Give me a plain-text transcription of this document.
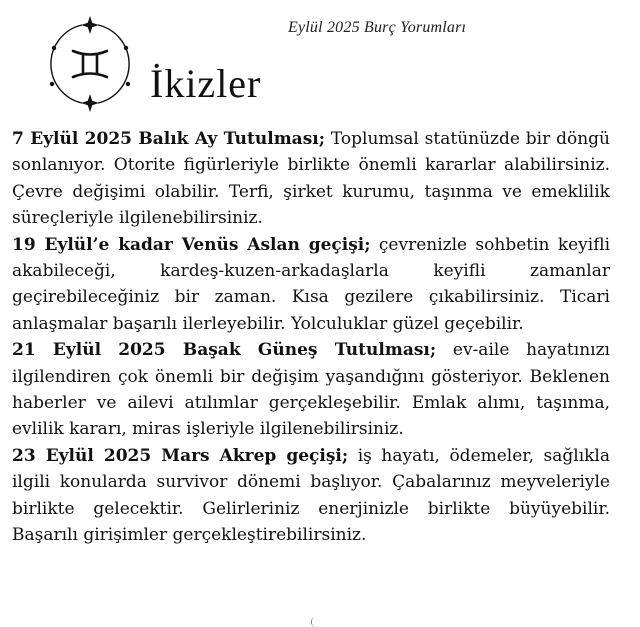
Eylül 2025 Burç Yorumları
İkizler

7 Eylül 2025 Balık Ay Tutulması; Toplumsal statünüzde bir döngü sonlanıyor. Otorite figürleriyle birlikte önemli kararlar alabilirsiniz. Çevre değişimi olabilir. Terfi, şirket kurumu, taşınma ve emeklilik süreçleriyle ilgilenebilirsiniz.

19 Eylül’e kadar Venüs Aslan geçişi; çevrenizle sohbetin keyifli akabileceği, kardeş-kuzen-arkadaşlarla keyifli zamanlar geçirebileceğiniz bir zaman. Kısa gezilere çıkabilirsiniz. Ticari anlaşmalar başarılı ilerleyebilir. Yolculuklar güzel geçebilir.

21 Eylül 2025 Başak Güneş Tutulması; ev-aile hayatınızı ilgilendiren çok önemli bir değişim yaşandığını gösteriyor. Beklenen haberler ve ailevi atılımlar gerçekleşebilir. Emlak alımı, taşınma, evlilik kararı, miras işleriyle ilgilenebilirsiniz.

23 Eylül 2025 Mars Akrep geçişi; iş hayatı, ödemeler, sağlıkla ilgili konularda survivor dönemi başlıyor. Çabalarınız meyveleriyle birlikte gelecektir. Gelirleriniz enerjinizle birlikte büyüyebilir. Başarılı girişimler gerçekleştirebilirsiniz.
